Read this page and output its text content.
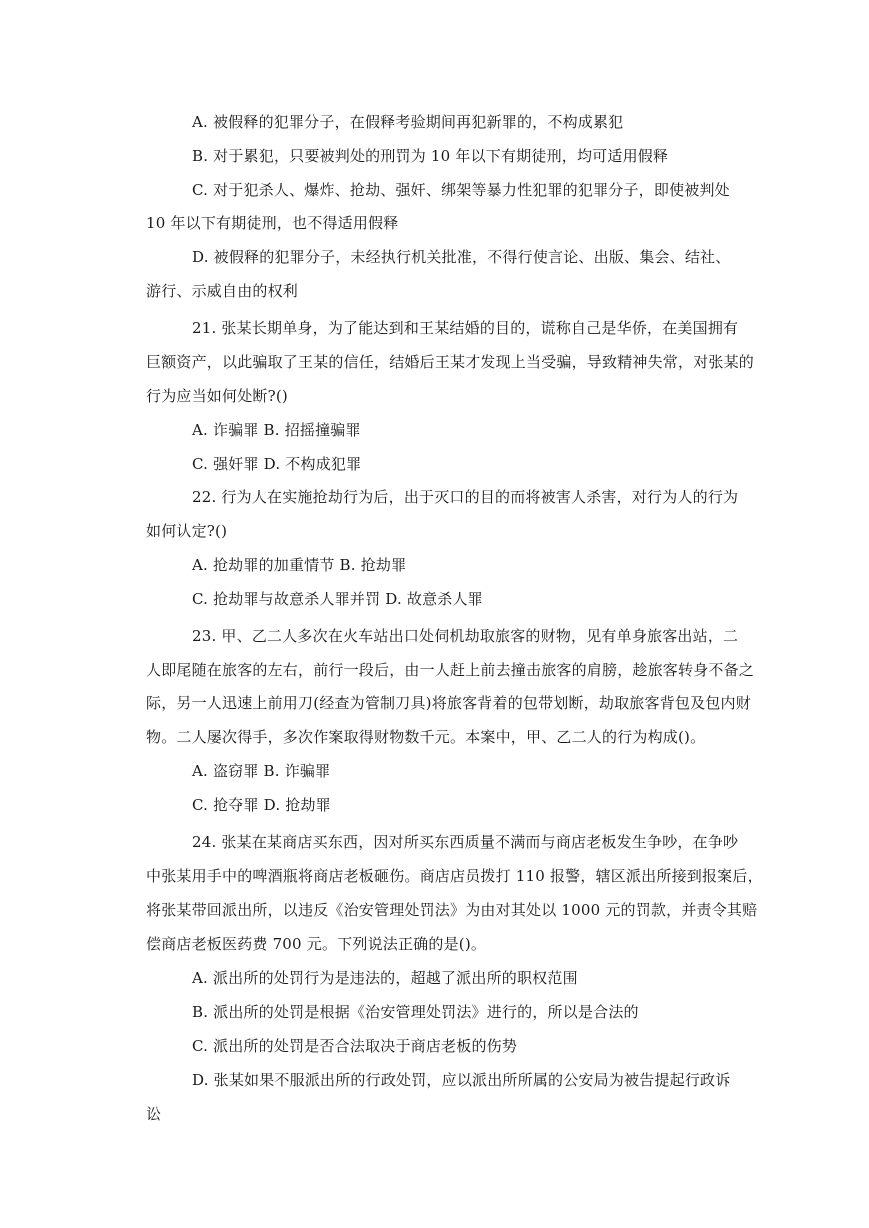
A. 被假释的犯罪分子，在假释考验期间再犯新罪的，不构成累犯
B. 对于累犯，只要被判处的刑罚为 10 年以下有期徒刑，均可适用假释
C. 对于犯杀人、爆炸、抢劫、强奸、绑架等暴力性犯罪的犯罪分子，即使被判处
10 年以下有期徒刑，也不得适用假释
D. 被假释的犯罪分子，未经执行机关批准，不得行使言论、出版、集会、结社、
游行、示威自由的权利
21. 张某长期单身，为了能达到和王某结婚的目的，谎称自己是华侨，在美国拥有
巨额资产，以此骗取了王某的信任，结婚后王某才发现上当受骗，导致精神失常，对张某的
行为应当如何处断?()
A. 诈骗罪 B. 招摇撞骗罪
C. 强奸罪 D. 不构成犯罪
22. 行为人在实施抢劫行为后，出于灭口的目的而将被害人杀害，对行为人的行为
如何认定?()
A. 抢劫罪的加重情节 B. 抢劫罪
C. 抢劫罪与故意杀人罪并罚 D. 故意杀人罪
23. 甲、乙二人多次在火车站出口处伺机劫取旅客的财物，见有单身旅客出站，二
人即尾随在旅客的左右，前行一段后，由一人赶上前去撞击旅客的肩膀，趁旅客转身不备之
际，另一人迅速上前用刀(经查为管制刀具)将旅客背着的包带划断，劫取旅客背包及包内财
物。二人屡次得手，多次作案取得财物数千元。本案中，甲、乙二人的行为构成()。
A. 盗窃罪 B. 诈骗罪
C. 抢夺罪 D. 抢劫罪
24. 张某在某商店买东西，因对所买东西质量不满而与商店老板发生争吵，在争吵
中张某用手中的啤酒瓶将商店老板砸伤。商店店员拨打 110 报警，辖区派出所接到报案后，
将张某带回派出所，以违反《治安管理处罚法》为由对其处以 1000 元的罚款，并责令其赔
偿商店老板医药费 700 元。下列说法正确的是()。
A. 派出所的处罚行为是违法的，超越了派出所的职权范围
B. 派出所的处罚是根据《治安管理处罚法》进行的，所以是合法的
C. 派出所的处罚是否合法取决于商店老板的伤势
D. 张某如果不服派出所的行政处罚，应以派出所所属的公安局为被告提起行政诉
讼
